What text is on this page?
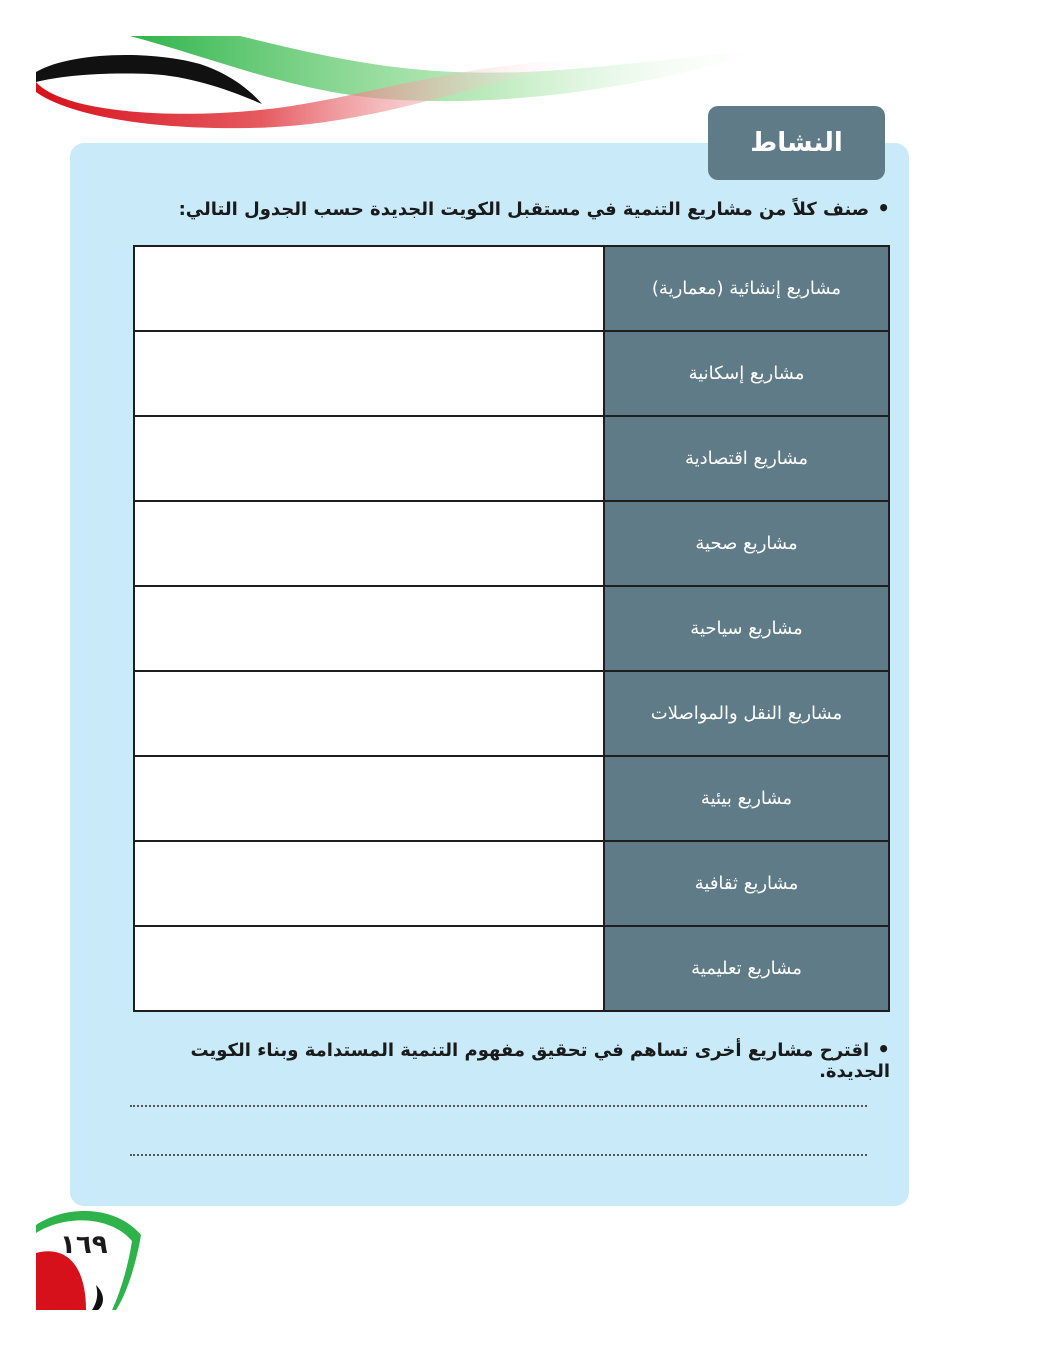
النشاط
•صنف كلاً من مشاريع التنمية في مستقبل الكويت الجديدة حسب الجدول التالي:
مشاريع إنشائية (معمارية)	
مشاريع إسكانية	
مشاريع اقتصادية	
مشاريع صحية	
مشاريع سياحية	
مشاريع النقل والمواصلات	
مشاريع بيئية	
مشاريع ثقافية	
مشاريع تعليمية	
•اقترح مشاريع أخرى تساهم في تحقيق مفهوم التنمية المستدامة وبناء الكويت الجديدة.
١٦٩
